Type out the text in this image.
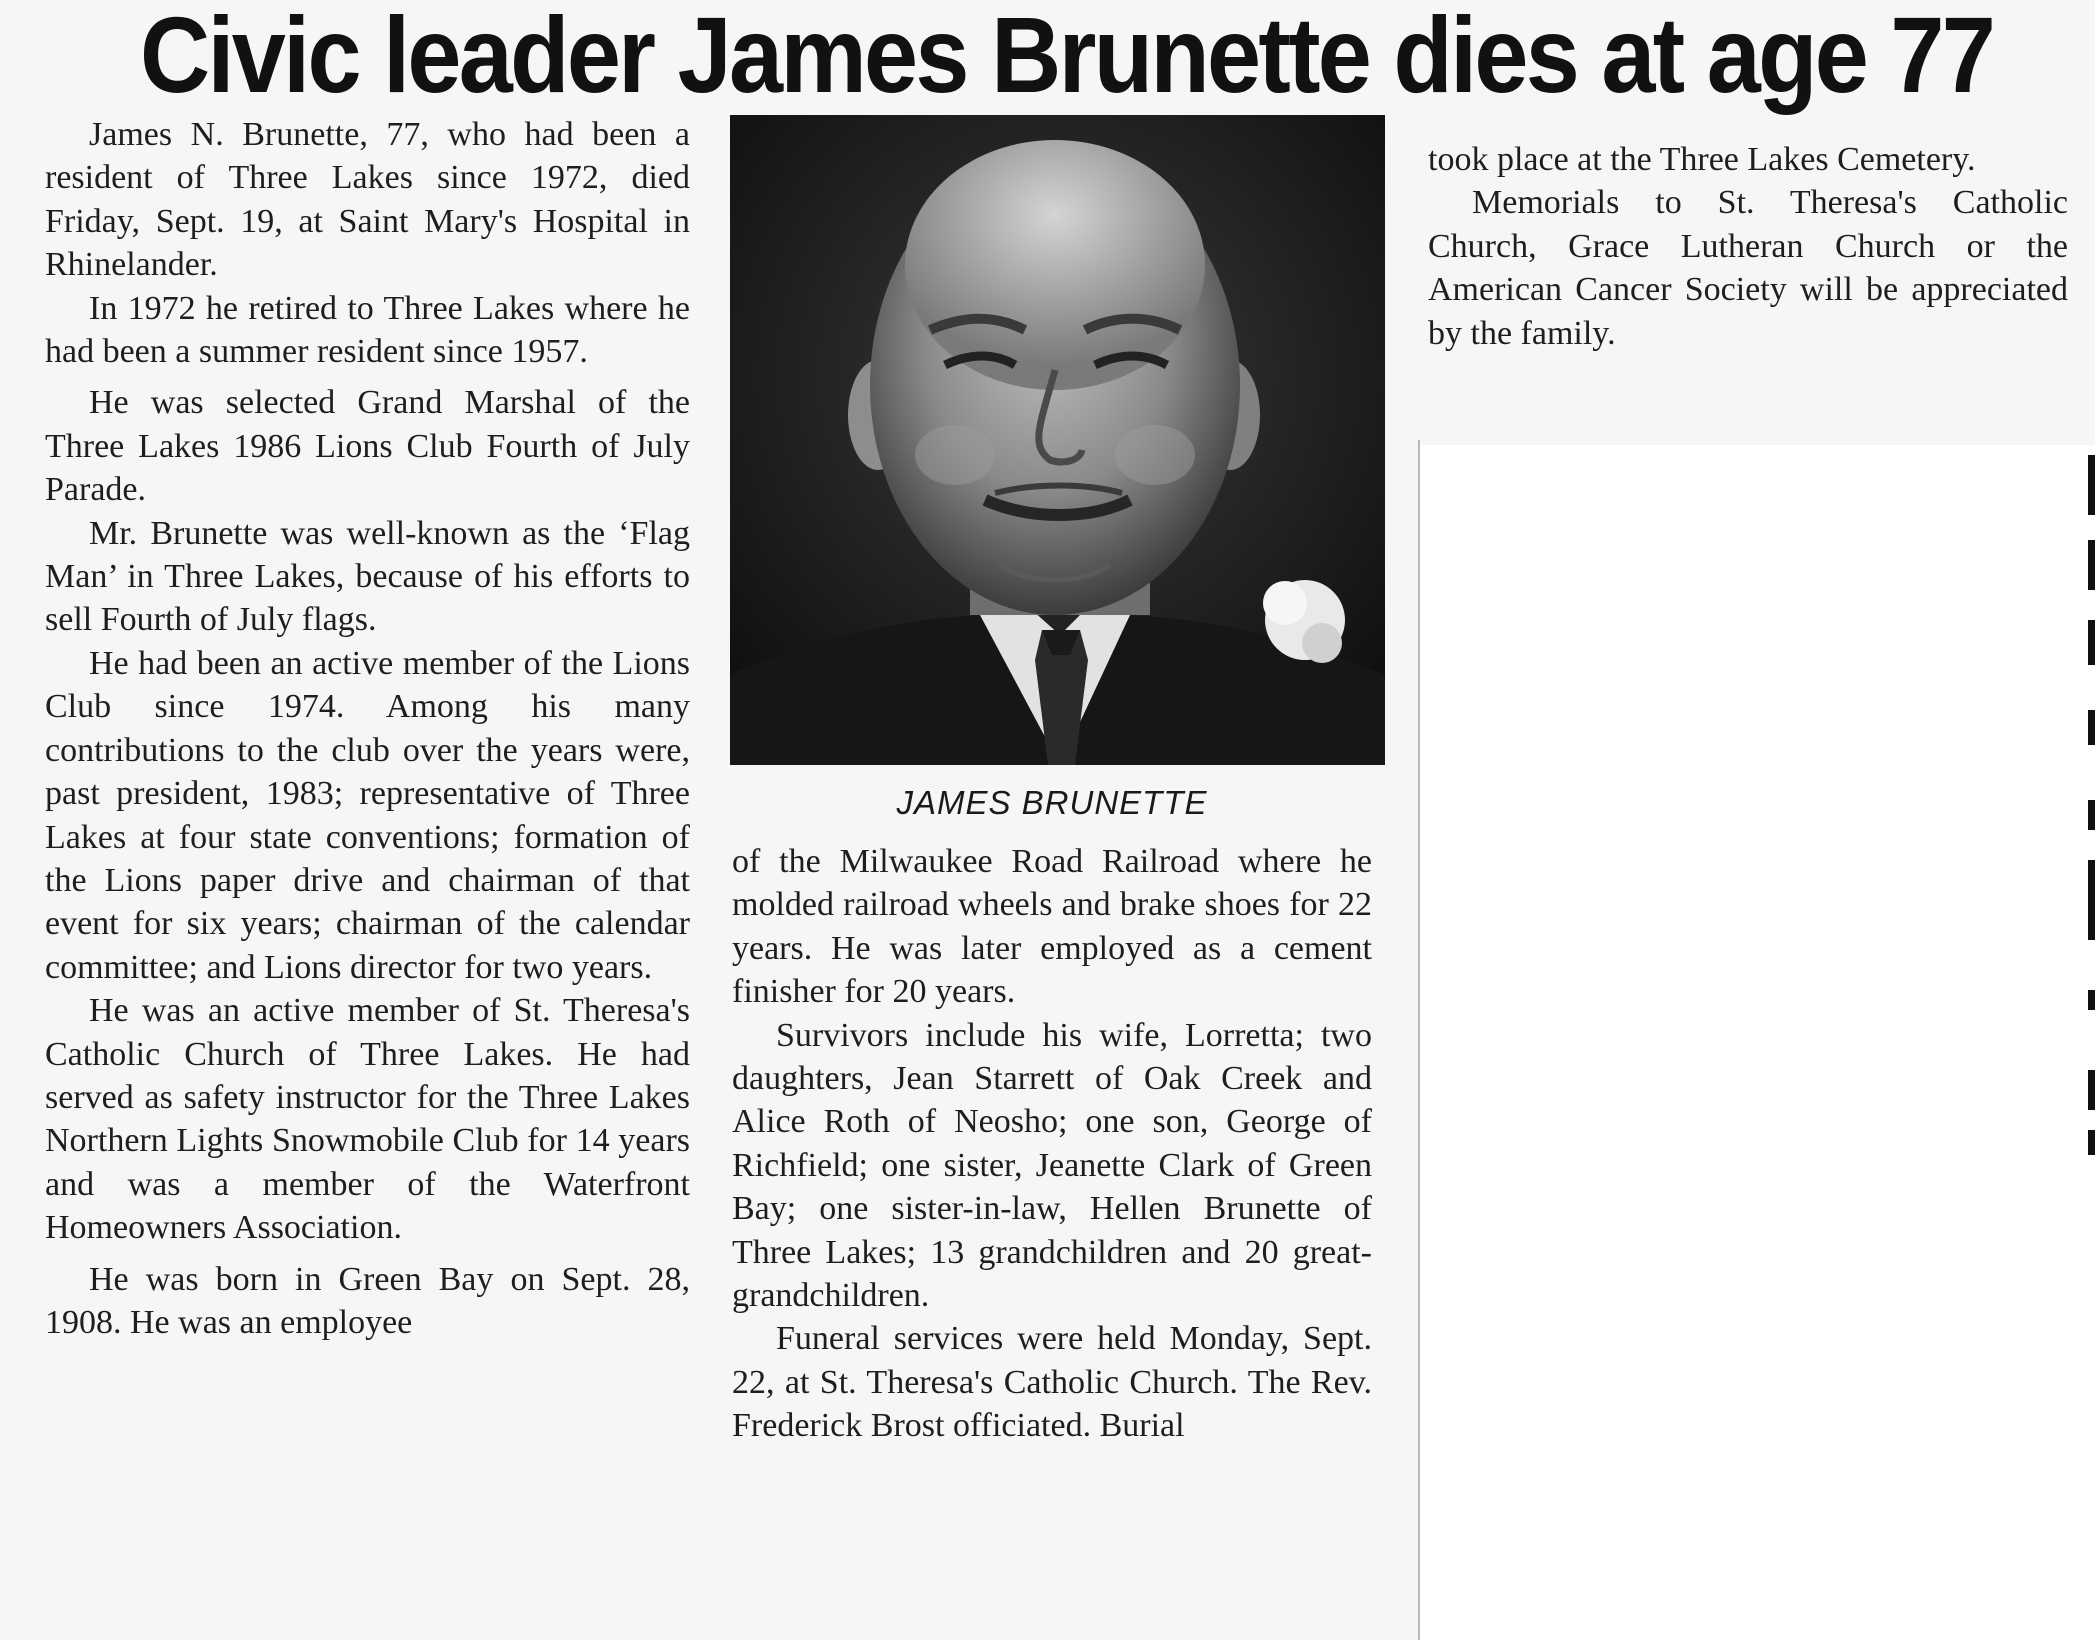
Civic leader James Brunette dies at age 77

James N. Brunette, 77, who had been a resident of Three Lakes since 1972, died Friday, Sept. 19, at Saint Mary's Hospital in Rhinelander.

In 1972 he retired to Three Lakes where he had been a summer resident since 1957.

He was selected Grand Marshal of the Three Lakes 1986 Lions Club Fourth of July Parade.

Mr. Brunette was well-known as the ‘Flag Man’ in Three Lakes, because of his efforts to sell Fourth of July flags.

He had been an active member of the Lions Club since 1974. Among his many contributions to the club over the years were, past president, 1983; representative of Three Lakes at four state conventions; formation of the Lions paper drive and chairman of that event for six years; chairman of the calendar committee; and Lions director for two years.

He was an active member of St. Theresa's Catholic Church of Three Lakes. He had served as safety instructor for the Three Lakes Northern Lights Snowmobile Club for 14 years and was a member of the Waterfront Homeowners Association.

He was born in Green Bay on Sept. 28, 1908. He was an employee

JAMES BRUNETTE

of the Milwaukee Road Railroad where he molded railroad wheels and brake shoes for 22 years. He was later employed as a cement finisher for 20 years.

Survivors include his wife, Lorretta; two daughters, Jean Starrett of Oak Creek and Alice Roth of Neosho; one son, George of Richfield; one sister, Jeanette Clark of Green Bay; one sister-in-law, Hellen Brunette of Three Lakes; 13 grandchildren and 20 great-grandchildren.

Funeral services were held Monday, Sept. 22, at St. Theresa's Catholic Church. The Rev. Frederick Brost officiated. Burial

took place at the Three Lakes Cemetery.

Memorials to St. Theresa's Catholic Church, Grace Lutheran Church or the American Cancer Society will be appreciated by the family.
